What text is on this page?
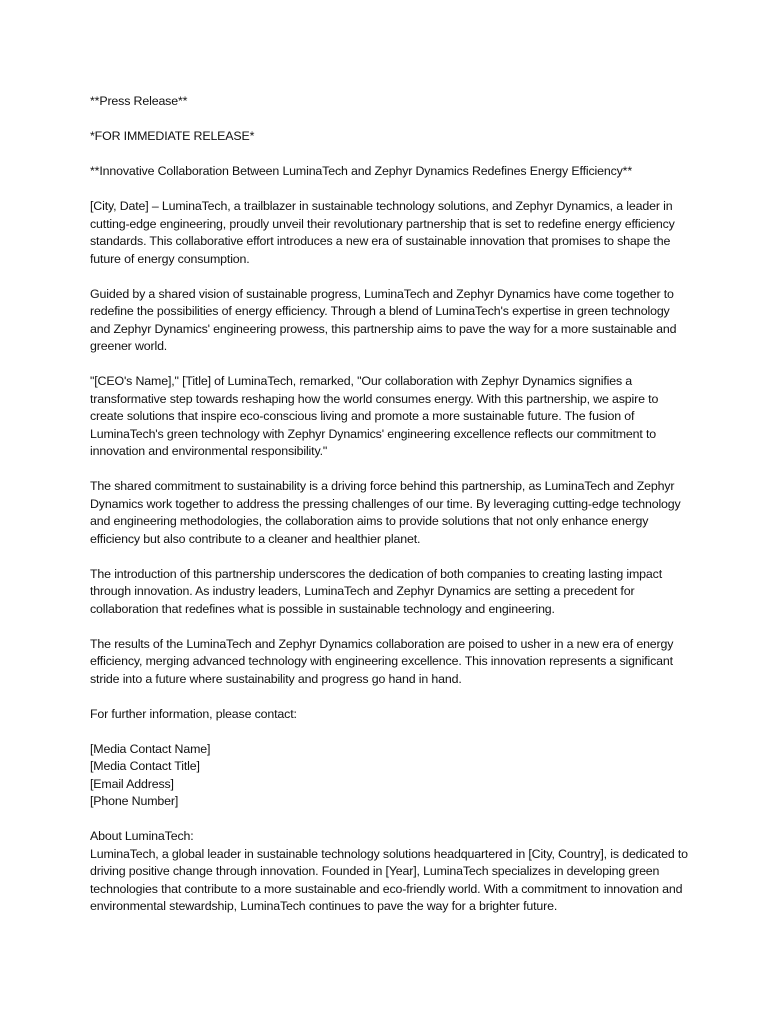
**Press Release**

*FOR IMMEDIATE RELEASE*

**Innovative Collaboration Between LuminaTech and Zephyr Dynamics Redefines Energy Efficiency**

[City, Date] – LuminaTech, a trailblazer in sustainable technology solutions, and Zephyr Dynamics, a leader in cutting-edge engineering, proudly unveil their revolutionary partnership that is set to redefine energy efficiency standards. This collaborative effort introduces a new era of sustainable innovation that promises to shape the future of energy consumption.

Guided by a shared vision of sustainable progress, LuminaTech and Zephyr Dynamics have come together to redefine the possibilities of energy efficiency. Through a blend of LuminaTech's expertise in green technology and Zephyr Dynamics' engineering prowess, this partnership aims to pave the way for a more sustainable and greener world.

"[CEO's Name]," [Title] of LuminaTech, remarked, "Our collaboration with Zephyr Dynamics signifies a transformative step towards reshaping how the world consumes energy. With this partnership, we aspire to create solutions that inspire eco-conscious living and promote a more sustainable future. The fusion of LuminaTech's green technology with Zephyr Dynamics' engineering excellence reflects our commitment to innovation and environmental responsibility."

The shared commitment to sustainability is a driving force behind this partnership, as LuminaTech and Zephyr Dynamics work together to address the pressing challenges of our time. By leveraging cutting-edge technology and engineering methodologies, the collaboration aims to provide solutions that not only enhance energy efficiency but also contribute to a cleaner and healthier planet.

The introduction of this partnership underscores the dedication of both companies to creating lasting impact through innovation. As industry leaders, LuminaTech and Zephyr Dynamics are setting a precedent for collaboration that redefines what is possible in sustainable technology and engineering.

The results of the LuminaTech and Zephyr Dynamics collaboration are poised to usher in a new era of energy efficiency, merging advanced technology with engineering excellence. This innovation represents a significant stride into a future where sustainability and progress go hand in hand.

For further information, please contact:

[Media Contact Name]
[Media Contact Title]
[Email Address]
[Phone Number]
About LuminaTech:
LuminaTech, a global leader in sustainable technology solutions headquartered in [City, Country], is dedicated to driving positive change through innovation. Founded in [Year], LuminaTech specializes in developing green technologies that contribute to a more sustainable and eco-friendly world. With a commitment to innovation and environmental stewardship, LuminaTech continues to pave the way for a brighter future.
